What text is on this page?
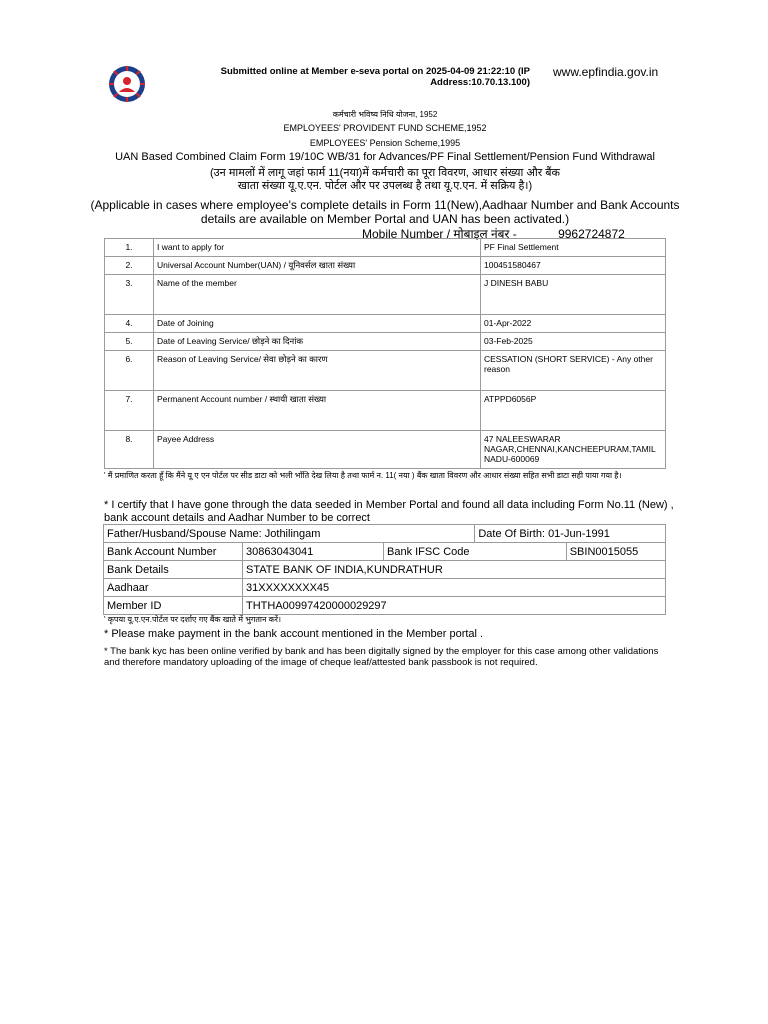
Submitted online at Member e-seva portal on 2025-04-09 21:22:10 (IP Address:10.70.13.100)
www.epfindia.gov.in
कर्मचारी भविष्य निधि योजना, 1952
EMPLOYEES' PROVIDENT FUND SCHEME,1952
EMPLOYEES' Pension Scheme,1995
UAN Based Combined Claim Form 19/10C WB/31 for Advances/PF Final Settlement/Pension Fund Withdrawal
(उन मामलों में लागू जहां फार्म 11(नया)में कर्मचारी का पूरा विवरण, आधार संख्या और बैंक खाता संख्या यू.ए.एन. पोर्टल और पर उपलब्ध है तथा यू.ए.एन. में सक्रिय है।)
(Applicable in cases where employee's complete details in Form 11(New),Aadhaar Number and Bank Accounts details are available on Member Portal and UAN has been activated.)
Mobile Number / मोबाइल नंबर -	9962724872
1.	I want to apply for	PF Final Settlement
2.	Universal Account Number(UAN) / यूनिवर्सल खाता संख्या	100451580467
3.	Name of the member	J DINESH BABU
4.	Date of Joining	01-Apr-2022
5.	Date of Leaving Service/ छोड़ने का दिनांक	03-Feb-2025
6.	Reason of Leaving Service/ सेवा छोड़ने का कारण	CESSATION (SHORT SERVICE) - Any other reason
7.	Permanent Account number / स्थायी खाता संख्या	ATPPD6056P
8.	Payee Address	47 NALEESWARAR NAGAR,CHENNAI,KANCHEEPURAM,TAMIL NADU-600069
' मैं प्रमाणित करता हूँ कि मैंने यू ए एन पोर्टल पर सीड डाटा को भली भाँति देख लिया है तथा फार्म न. 11( नया ) बैंक खाता विवरण और आधार संख्या सहित सभी डाटा सही पाया गया है।
* I certify that I have gone through the data seeded in Member Portal and found all data including Form No.11 (New) , bank account details and Aadhar Number to be correct
Father/Husband/Spouse Name: Jothilingam			Date Of Birth: 01-Jun-1991	
Bank Account Number	30863043041	Bank IFSC Code		SBIN0015055
Bank Details	STATE BANK OF INDIA,KUNDRATHUR			
Aadhaar	31XXXXXXXX45			
Member ID	THTHA00997420000029297			
' कृपया यू.ए.एन.पोर्टल पर दर्शाए गए बैंक खाते में भुगतान करें।
* Please make payment in the bank account mentioned in the Member portal .
* The bank kyc has been online verified by bank and has been digitally signed by the employer for this case among other validations and therefore mandatory uploading of the image of cheque leaf/attested bank passbook is not required.
